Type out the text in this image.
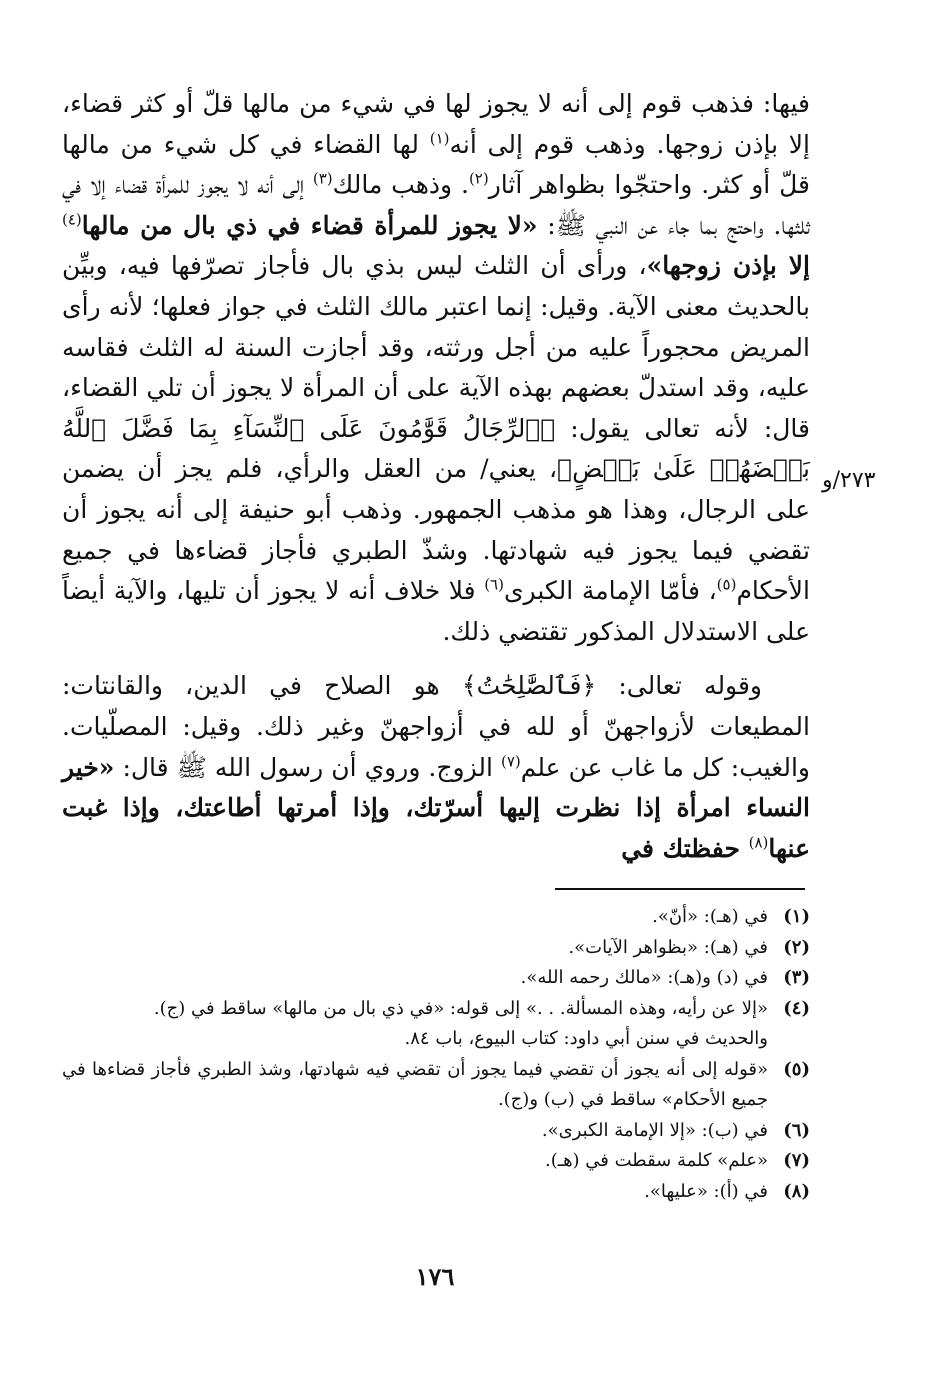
فيها: فذهب قوم إلى أنه لا يجوز لها في شيء من مالها قلّ أو كثر قضاء، إلا بإذن زوجها. وذهب قوم إلى أنه$^{(١)}$ لها القضاء في كل شيء من مالها قلّ أو كثر. واحتجّوا بظواهر آثار$^{(٢)}$. وذهب مالك$^{(٣)}$ إلى أنه لا يجوز للمرأة قضاء إلا في ثلثها. واحتج بما جاء عن النبي ﷺ: «لا يجوز للمرأة قضاء في ذي بال من مالها$^{(٤)}$ إلا بإذن زوجها»، ورأى أن الثلث ليس بذي بال فأجاز تصرّفها فيه، وبيِّن بالحديث معنى الآية. وقيل: إنما اعتبر مالك الثلث في جواز فعلها؛ لأنه رأى المريض محجوراً عليه من أجل ورثته، وقد أجازت السنة له الثلث فقاسه عليه، وقد استدلّ بعضهم بهذه الآية على أن المرأة لا يجوز أن تلي القضاء، قال: لأنه تعالى يقول: ﴿ٱلرِّجَالُ قَوَّٰمُونَ عَلَى ٱلنِّسَآءِ بِمَا فَضَّلَ ٱللَّهُ بَعۡضَهُمۡ عَلَىٰ بَعۡضٍ﴾، يعني/ من العقل والرأي، فلم يجز أن يضمن على الرجال، وهذا هو مذهب الجمهور. وذهب أبو حنيفة إلى أنه يجوز أن تقضي فيما يجوز فيه شهادتها. وشذّ الطبري فأجاز قضاءها في جميع الأحكام$^{(٥)}$، فأمّا الإمامة الكبرى$^{(٦)}$ فلا خلاف أنه لا يجوز أن تليها، والآية أيضاً على الاستدلال المذكور تقتضي ذلك.

وقوله تعالى: ﴿فَٱلصَّٰلِحَٰتُ﴾ هو الصلاح في الدين، والقانتات: المطيعات لأزواجهنّ أو لله في أزواجهنّ وغير ذلك. وقيل: المصلّيات. والغيب: كل ما غاب عن علم$^{(٧)}$ الزوج. وروي أن رسول الله ﷺ قال: «خير النساء امرأة إذا نظرت إليها أسرّتك، وإذا أمرتها أطاعتك، وإذا غبت عنها$^{(٨)}$ حفظتك في

٢٧٣/و
(١)
في (هـ): «أنّ».
(٢)
في (هـ): «بظواهر الآيات».
(٣)
في (د) و(هـ): «مالك رحمه الله».
(٤)
«إلا عن رأيه، وهذه المسألة. . .» إلى قوله: «في ذي بال من مالها» ساقط في (ج).
والحديث في سنن أبي داود: كتاب البيوع، باب ٨٤.
(٥)
«قوله إلى أنه يجوز أن تقضي فيما يجوز أن تقضي فيه شهادتها، وشذ الطبري فأجاز قضاءها في جميع الأحكام» ساقط في (ب) و(ج).
(٦)
في (ب): «إلا الإمامة الكبرى».
(٧)
«علم» كلمة سقطت في (هـ).
(٨)
في (أ): «عليها».
١٧٦
